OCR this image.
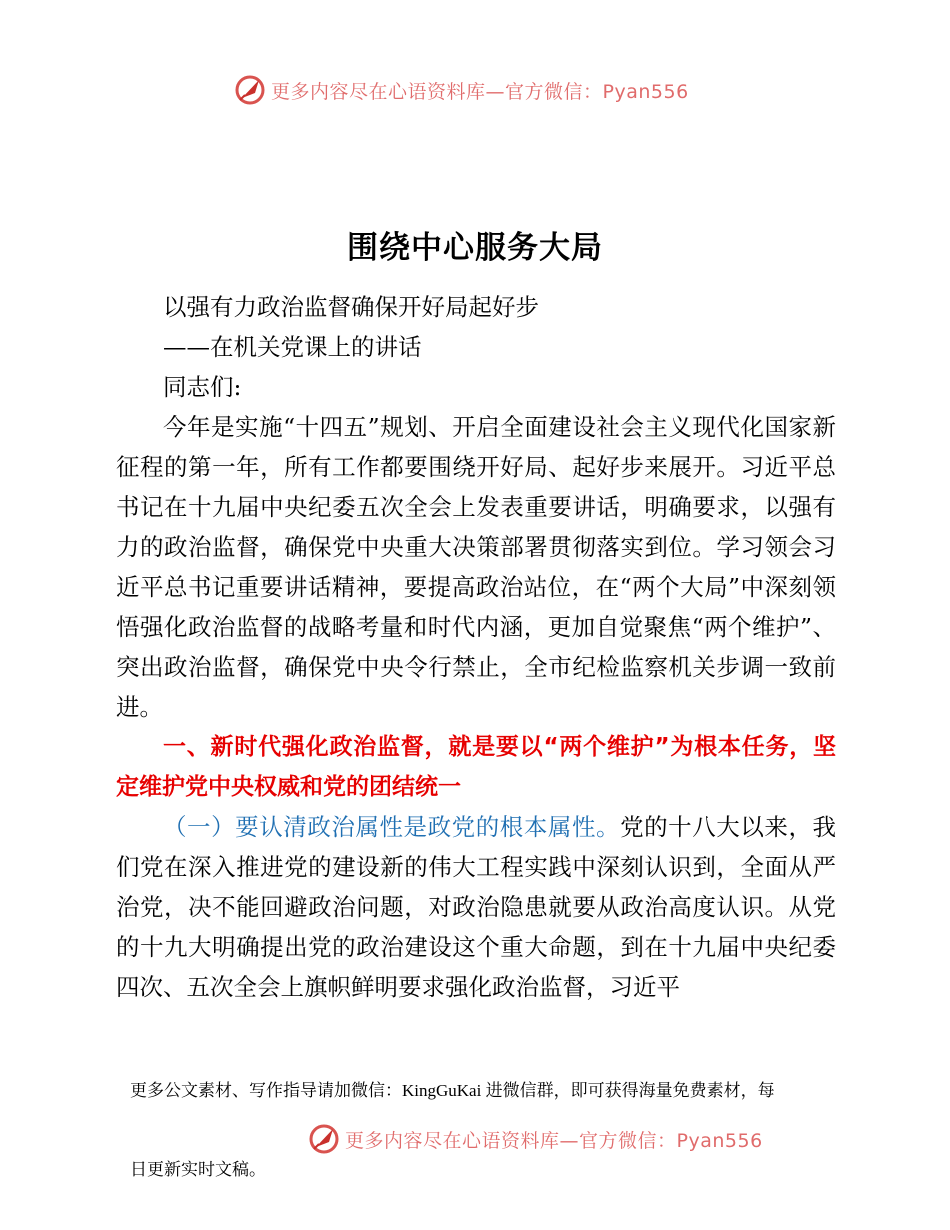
更多内容尽在心语资料库—官方微信：Pyan556
围绕中心服务大局

以强有力政治监督确保开好局起好步

——在机关党课上的讲话

同志们:

今年是实施“十四五”规划、开启全面建设社会主义现代化国家新征程的第一年，所有工作都要围绕开好局、起好步来展开。习近平总书记在十九届中央纪委五次全会上发表重要讲话，明确要求，以强有力的政治监督，确保党中央重大决策部署贯彻落实到位。学习领会习近平总书记重要讲话精神，要提高政治站位，在“两个大局”中深刻领悟强化政治监督的战略考量和时代内涵，更加自觉聚焦“两个维护”、突出政治监督，确保党中央令行禁止，全市纪检监察机关步调一致前进。

一、新时代强化政治监督，就是要以“两个维护”为根本任务，坚定维护党中央权威和党的团结统一

（一）要认清政治属性是政党的根本属性。党的十八大以来，我们党在深入推进党的建设新的伟大工程实践中深刻认识到，全面从严治党，决不能回避政治问题，对政治隐患就要从政治高度认识。从党的十九大明确提出党的政治建设这个重大命题，到在十九届中央纪委四次、五次全会上旗帜鲜明要求强化政治监督，习近平

更多公文素材、写作指导请加微信：KingGuKai 进微信群，即可获得海量免费素材，每
更多内容尽在心语资料库—官方微信：Pyan556
日更新实时文稿。
